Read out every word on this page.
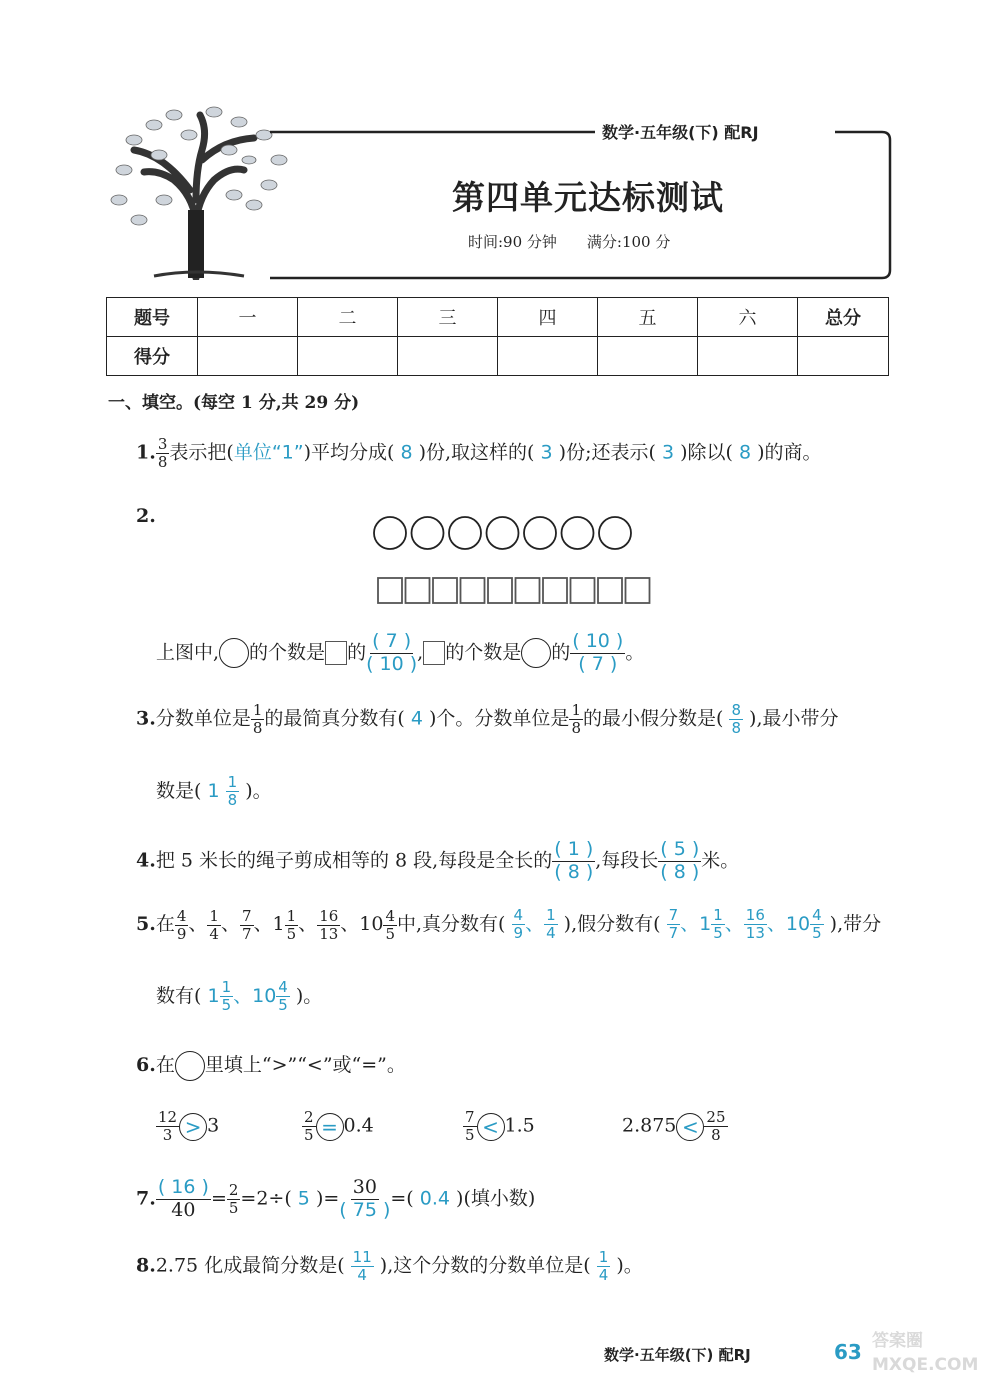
数学·五年级(下) 配RJ
第四单元达标测试
时间:90 分钟　　满分:100 分
题号	一	二	三	四	五	六	总分
得分							
一、填空。(每空 1 分,共 29 分)
1. $\frac{3}{8}$ 表示把(单位“1”)平均分成( 8 )份,取这样的( 3 )份;还表示( 3 )除以( 8 )的商。
2.
上图中, 的个数是 的 $\frac{( 7 )}{( 10 )}$ , 的个数是 的 $\frac{( 10 )}{( 7 )}$ 。
3.分数单位是 $\frac{1}{8}$ 的最简真分数有( 4 )个。分数单位是 $\frac{1}{8}$ 的最小假分数是( $\frac{8}{8}$ ),最小带分
数是( $1 \frac{1}{8}$ )。
4.把 5 米长的绳子剪成相等的 8 段,每段是全长的 $\frac{( 1 )}{( 8 )}$ ,每段长 $\frac{( 5 )}{( 8 )}$ 米。
5.在 $\frac{4}{9}$ 、 $\frac{1}{4}$ 、 $\frac{7}{7}$ 、$1 \frac{1}{5}$ 、 $\frac{16}{13}$ 、$10 \frac{4}{5}$ 中,真分数有( $\frac{4}{9}$ 、 $\frac{1}{4}$ ),假分数有( $\frac{7}{7}$ 、$1 \frac{1}{5}$ 、 $\frac{16}{13}$ 、$10 \frac{4}{5}$ ),带分
数有( $1 \frac{1}{5}$ 、$10 \frac{4}{5}$ )。
6.在 里填上“>”“<”或“=”。
$\frac{12}{3} > 3$	$\frac{2}{5} = 0.4$	$\frac{7}{5} < 1.5$	$2.875 < \frac{25}{8}$
7. $\frac{( 16 )}{40} = \frac{2}{5} =2\div$( 5 )= $\frac{30}{( 75 )}$ =( 0.4 )(填小数)
8.2.75 化成最简分数是( $\frac{11}{4}$ ),这个分数的分数单位是( $\frac{1}{4}$ )。
数学·五年级(下) 配RJ	63 答案圈 MXQE.COM
